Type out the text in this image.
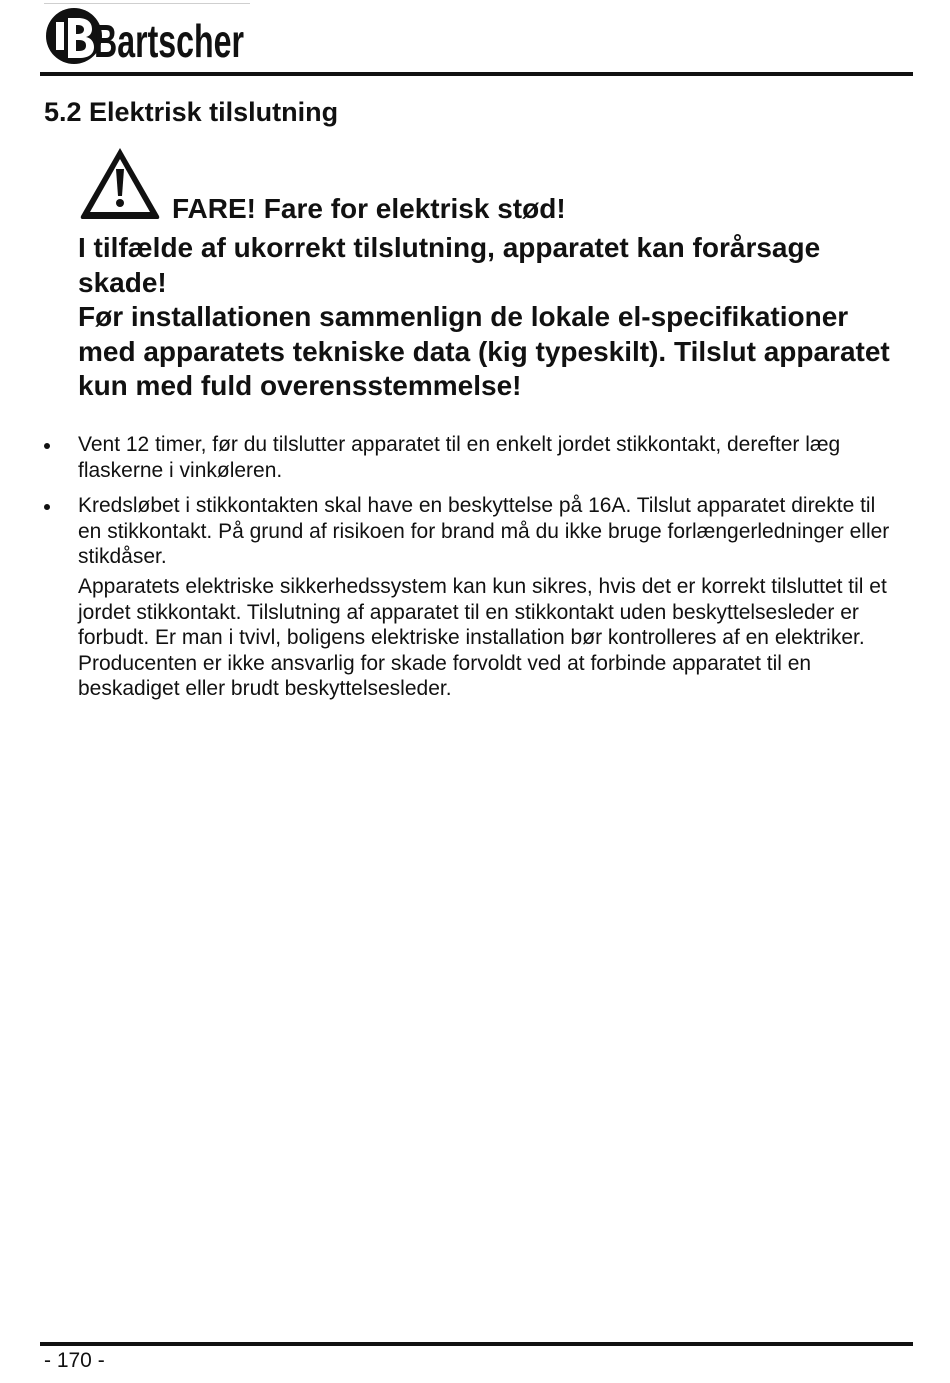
Bartscher
5.2 Elektrisk tilslutning
FARE! Fare for elektrisk stød!

I tilfælde af ukorrekt tilslutning, apparatet kan forårsage skade!

Før installationen sammenlign de lokale el-specifikationer med apparatets tekniske data (kig typeskilt). Tilslut apparatet kun med fuld overensstemmelse!

Vent 12 timer, før du tilslutter apparatet til en enkelt jordet stikkontakt, derefter læg flaskerne i vinkøleren.
Kredsløbet i stikkontakten skal have en beskyttelse på 16A. Tilslut apparatet direkte til en stikkontakt. På grund af risikoen for brand må du ikke bruge forlængerledninger eller stikdåser.

Apparatets elektriske sikkerhedssystem kan kun sikres, hvis det er korrekt tilsluttet til et jordet stikkontakt. Tilslutning af apparatet til en stikkontakt uden beskyttelsesleder er forbudt. Er man i tvivl, boligens elektriske installation bør kontrolleres af en elektriker. Producenten er ikke ansvarlig for skade forvoldt ved at forbinde apparatet til en beskadiget eller brudt beskyttelsesleder.

- 170 -
